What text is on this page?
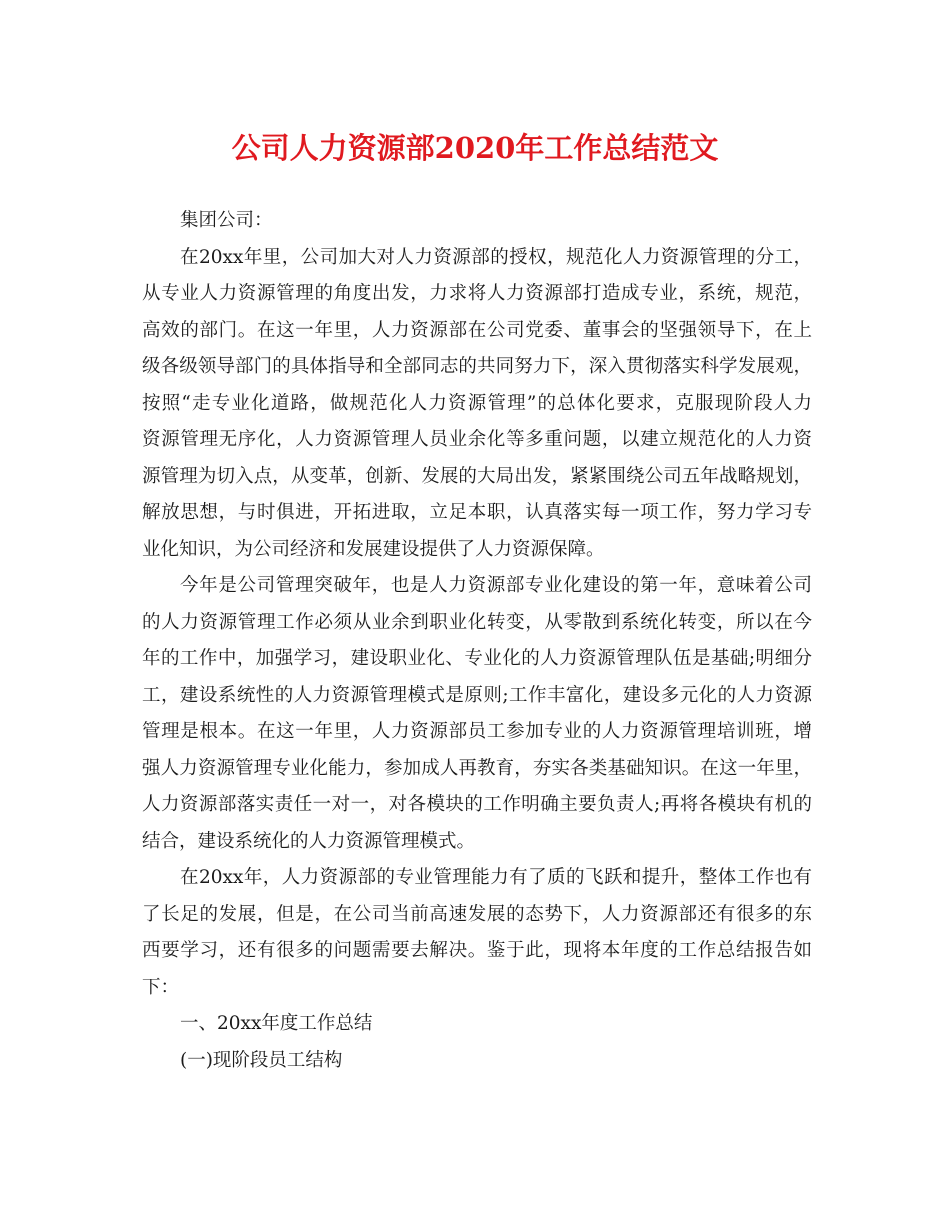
公司人力资源部2020年工作总结范文
集团公司：
在20xx年里，公司加大对人力资源部的授权，规范化人力资源管理的分工，
从专业人力资源管理的角度出发，力求将人力资源部打造成专业，系统，规范，
高效的部门。在这一年里，人力资源部在公司党委、董事会的坚强领导下，在上
级各级领导部门的具体指导和全部同志的共同努力下，深入贯彻落实科学发展观，
按照“走专业化道路，做规范化人力资源管理”的总体化要求，克服现阶段人力
资源管理无序化，人力资源管理人员业余化等多重问题，以建立规范化的人力资
源管理为切入点，从变革，创新、发展的大局出发，紧紧围绕公司五年战略规划，
解放思想，与时俱进，开拓进取，立足本职，认真落实每一项工作，努力学习专
业化知识，为公司经济和发展建设提供了人力资源保障。
今年是公司管理突破年，也是人力资源部专业化建设的第一年，意味着公司
的人力资源管理工作必须从业余到职业化转变，从零散到系统化转变，所以在今
年的工作中，加强学习，建设职业化、专业化的人力资源管理队伍是基础;明细分
工，建设系统性的人力资源管理模式是原则;工作丰富化，建设多元化的人力资源
管理是根本。在这一年里，人力资源部员工参加专业的人力资源管理培训班，增
强人力资源管理专业化能力，参加成人再教育，夯实各类基础知识。在这一年里，
人力资源部落实责任一对一，对各模块的工作明确主要负责人;再将各模块有机的
结合，建设系统化的人力资源管理模式。
在20xx年，人力资源部的专业管理能力有了质的飞跃和提升，整体工作也有
了长足的发展，但是，在公司当前高速发展的态势下，人力资源部还有很多的东
西要学习，还有很多的问题需要去解决。鉴于此，现将本年度的工作总结报告如
下：
一、20xx年度工作总结
(一)现阶段员工结构
